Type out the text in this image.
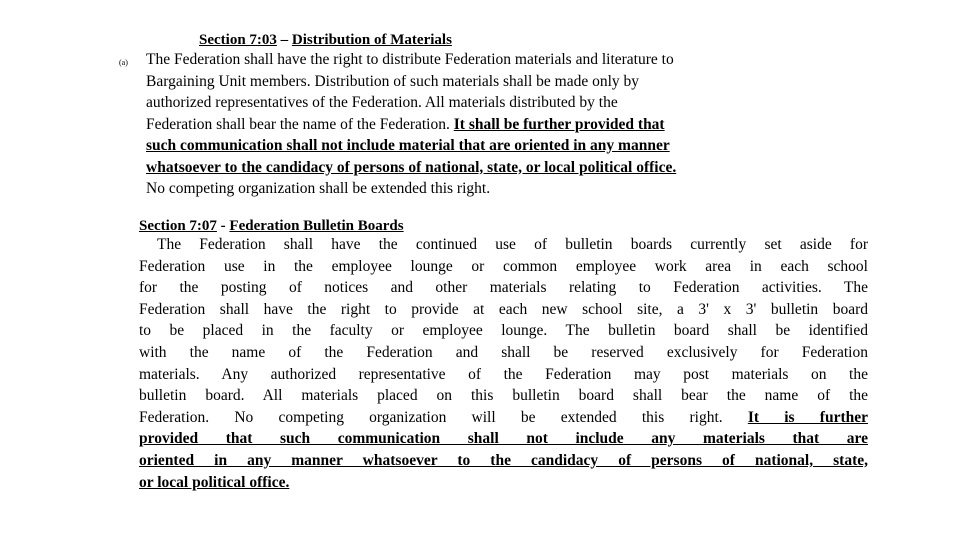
Section 7:03 – Distribution of Materials
(a) The Federation shall have the right to distribute Federation materials and literature to
Bargaining Unit members. Distribution of such materials shall be made only by
authorized representatives of the Federation. All materials distributed by the
Federation shall bear the name of the Federation. It shall be further provided that
such communication shall not include material that are oriented in any manner
whatsoever to the candidacy of persons of national, state, or local political office.
No competing organization shall be extended this right.
Section 7:07 - Federation Bulletin Boards
The Federation shall have the continued use of bulletin boards currently set aside for
Federation use in the employee lounge or common employee work area in each school
for the posting of notices and other materials relating to Federation activities. The
Federation shall have the right to provide at each new school site, a 3' x 3' bulletin board
to be placed in the faculty or employee lounge. The bulletin board shall be identified
with the name of the Federation and shall be reserved exclusively for Federation
materials. Any authorized representative of the Federation may post materials on the
bulletin board. All materials placed on this bulletin board shall bear the name of the
Federation. No competing organization will be extended this right. It is further
provided that such communication shall not include any materials that are
oriented in any manner whatsoever to the candidacy of persons of national, state,
or local political office.
